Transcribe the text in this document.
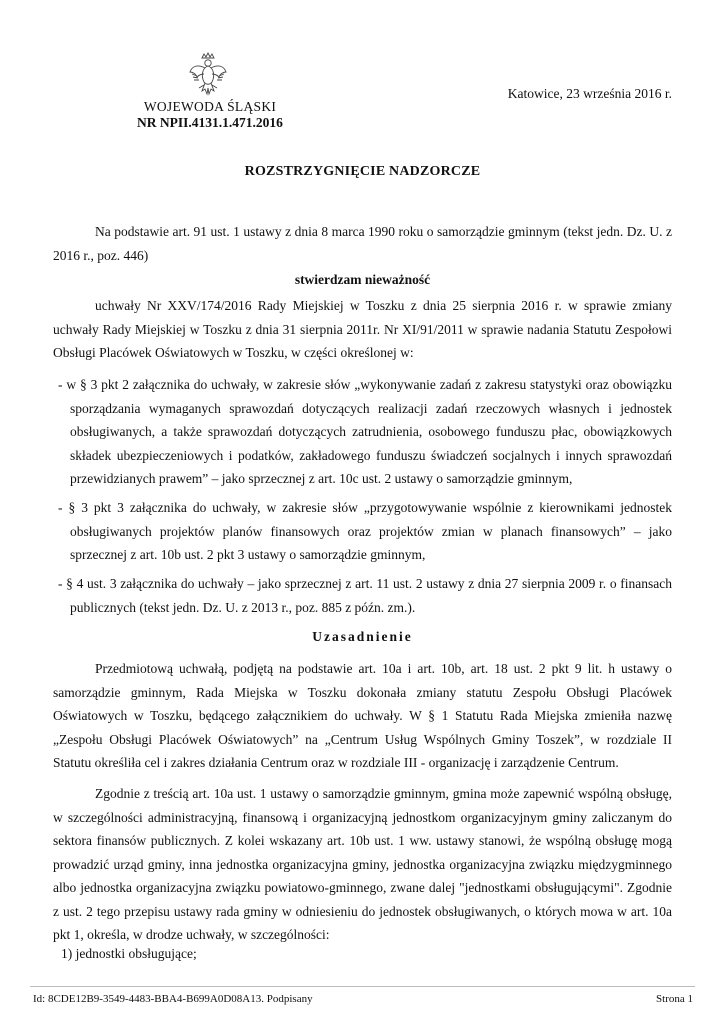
WOJEWODA ŚLĄSKI
NR NPII.4131.1.471.2016
Katowice, 23 września 2016 r.
ROZSTRZYGNIĘCIE NADZORCZE
Na podstawie art. 91 ust. 1 ustawy z dnia 8 marca 1990 roku o samorządzie gminnym (tekst jedn. Dz. U. z 2016 r., poz. 446)
stwierdzam nieważność
uchwały Nr XXV/174/2016 Rady Miejskiej w Toszku z dnia 25 sierpnia 2016 r. w sprawie zmiany uchwały Rady Miejskiej w Toszku z dnia 31 sierpnia 2011r. Nr XI/91/2011 w sprawie nadania Statutu Zespołowi Obsługi Placówek Oświatowych w Toszku, w części określonej w:
- w § 3 pkt 2 załącznika do uchwały, w zakresie słów „wykonywanie zadań z zakresu statystyki oraz obowiązku sporządzania wymaganych sprawozdań dotyczących realizacji zadań rzeczowych własnych i jednostek obsługiwanych, a także sprawozdań dotyczących zatrudnienia, osobowego funduszu płac, obowiązkowych składek ubezpieczeniowych i podatków, zakładowego funduszu świadczeń socjalnych i innych sprawozdań przewidzianych prawem” – jako sprzecznej z art. 10c ust. 2 ustawy o samorządzie gminnym,
- § 3 pkt 3 załącznika do uchwały, w zakresie słów „przygotowywanie wspólnie z kierownikami jednostek obsługiwanych projektów planów finansowych oraz projektów zmian w planach finansowych” – jako sprzecznej z art. 10b ust. 2 pkt 3 ustawy o samorządzie gminnym,
- § 4 ust. 3 załącznika do uchwały – jako sprzecznej z art. 11 ust. 2 ustawy z dnia 27 sierpnia 2009 r. o finansach publicznych (tekst jedn. Dz. U. z 2013 r., poz. 885 z późn. zm.).
Uzasadnienie
Przedmiotową uchwałą, podjętą na podstawie art. 10a i art. 10b, art. 18 ust. 2 pkt 9 lit. h ustawy o samorządzie gminnym, Rada Miejska w Toszku dokonała zmiany statutu Zespołu Obsługi Placówek Oświatowych w Toszku, będącego załącznikiem do uchwały. W § 1 Statutu Rada Miejska zmieniła nazwę „Zespołu Obsługi Placówek Oświatowych” na „Centrum Usług Wspólnych Gminy Toszek”, w rozdziale II Statutu określiła cel i zakres działania Centrum oraz w rozdziale III - organizację i zarządzenie Centrum.
Zgodnie z treścią art. 10a ust. 1 ustawy o samorządzie gminnym, gmina może zapewnić wspólną obsługę, w szczególności administracyjną, finansową i organizacyjną jednostkom organizacyjnym gminy zaliczanym do sektora finansów publicznych. Z kolei wskazany art. 10b ust. 1 ww. ustawy stanowi, że wspólną obsługę mogą prowadzić urząd gminy, inna jednostka organizacyjna gminy, jednostka organizacyjna związku międzygminnego albo jednostka organizacyjna związku powiatowo-gminnego, zwane dalej "jednostkami obsługującymi". Zgodnie z ust. 2 tego przepisu ustawy rada gminy w odniesieniu do jednostek obsługiwanych, o których mowa w art. 10a pkt 1, określa, w drodze uchwały, w szczególności:
1) jednostki obsługujące;
Id: 8CDE12B9-3549-4483-BBA4-B699A0D08A13. Podpisany	Strona 1
